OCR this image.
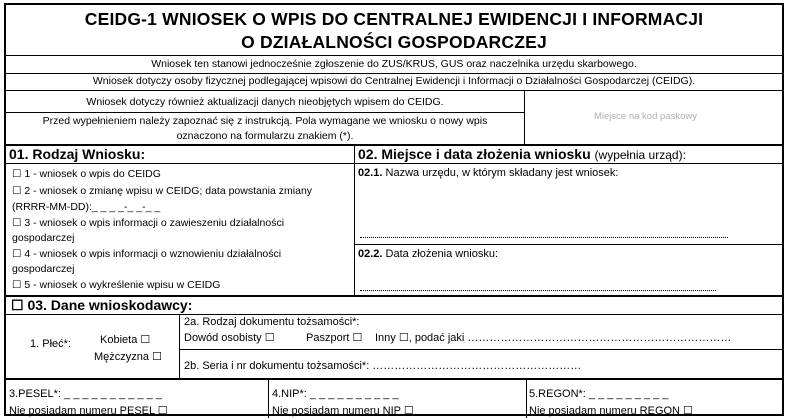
CEIDG-1 WNIOSEK O WPIS DO CENTRALNEJ EWIDENCJI I INFORMACJI
O DZIAŁALNOŚCI GOSPODARCZEJ
Wniosek ten stanowi jednocześnie zgłoszenie do ZUS/KRUS, GUS oraz naczelnika urzędu skarbowego.
Wniosek dotyczy osoby fizycznej podlegającej wpisowi do Centralnej Ewidencji i Informacji o Działalności Gospodarczej (CEIDG).
Wniosek dotyczy również aktualizacji danych nieobjętych wpisem do CEIDG.
Przed wypełnieniem należy zapoznać się z instrukcją. Pola wymagane we wniosku o nowy wpis
oznaczono na formularzu znakiem (*).
Miejsce na kod paskowy
01. Rodzaj Wniosku:
☐ 1 - wniosek o wpis do CEIDG
☐ 2 - wniosek o zmianę wpisu w CEIDG; data powstania zmiany
(RRRR-MM-DD):_ _ _ _-_ _-_ _
☐ 3 - wniosek o wpis informacji o zawieszeniu działalności
gospodarczej
☐ 4 - wniosek o wpis informacji o wznowieniu działalności
gospodarczej
☐ 5 - wniosek o wykreślenie wpisu w CEIDG
02. Miejsce i data złożenia wniosku (wypełnia urząd):
02.1. Nazwa urzędu, w którym składany jest wniosek:
02.2. Data złożenia wniosku:
☐ 03. Dane wnioskodawcy:
1. Płeć*:	Kobieta ☐
Mężczyzna ☐
2a. Rodzaj dokumentu tożsamości*:
Dowód osobisty ☐	Paszport ☐ Inny ☐, podać jaki ………………………………………………………………
2b. Seria i nr dokumentu tożsamości*: …………………………………………………
3.PESEL*: _ _ _ _ _ _ _ _ _ _ _
Nie posiadam numeru PESEL ☐
4.NIP*: _ _ _ _ _ _ _ _ _ _
Nie posiadam numeru NIP ☐
5.REGON*: _ _ _ _ _ _ _ _ _
Nie posiadam numeru REGON ☐
